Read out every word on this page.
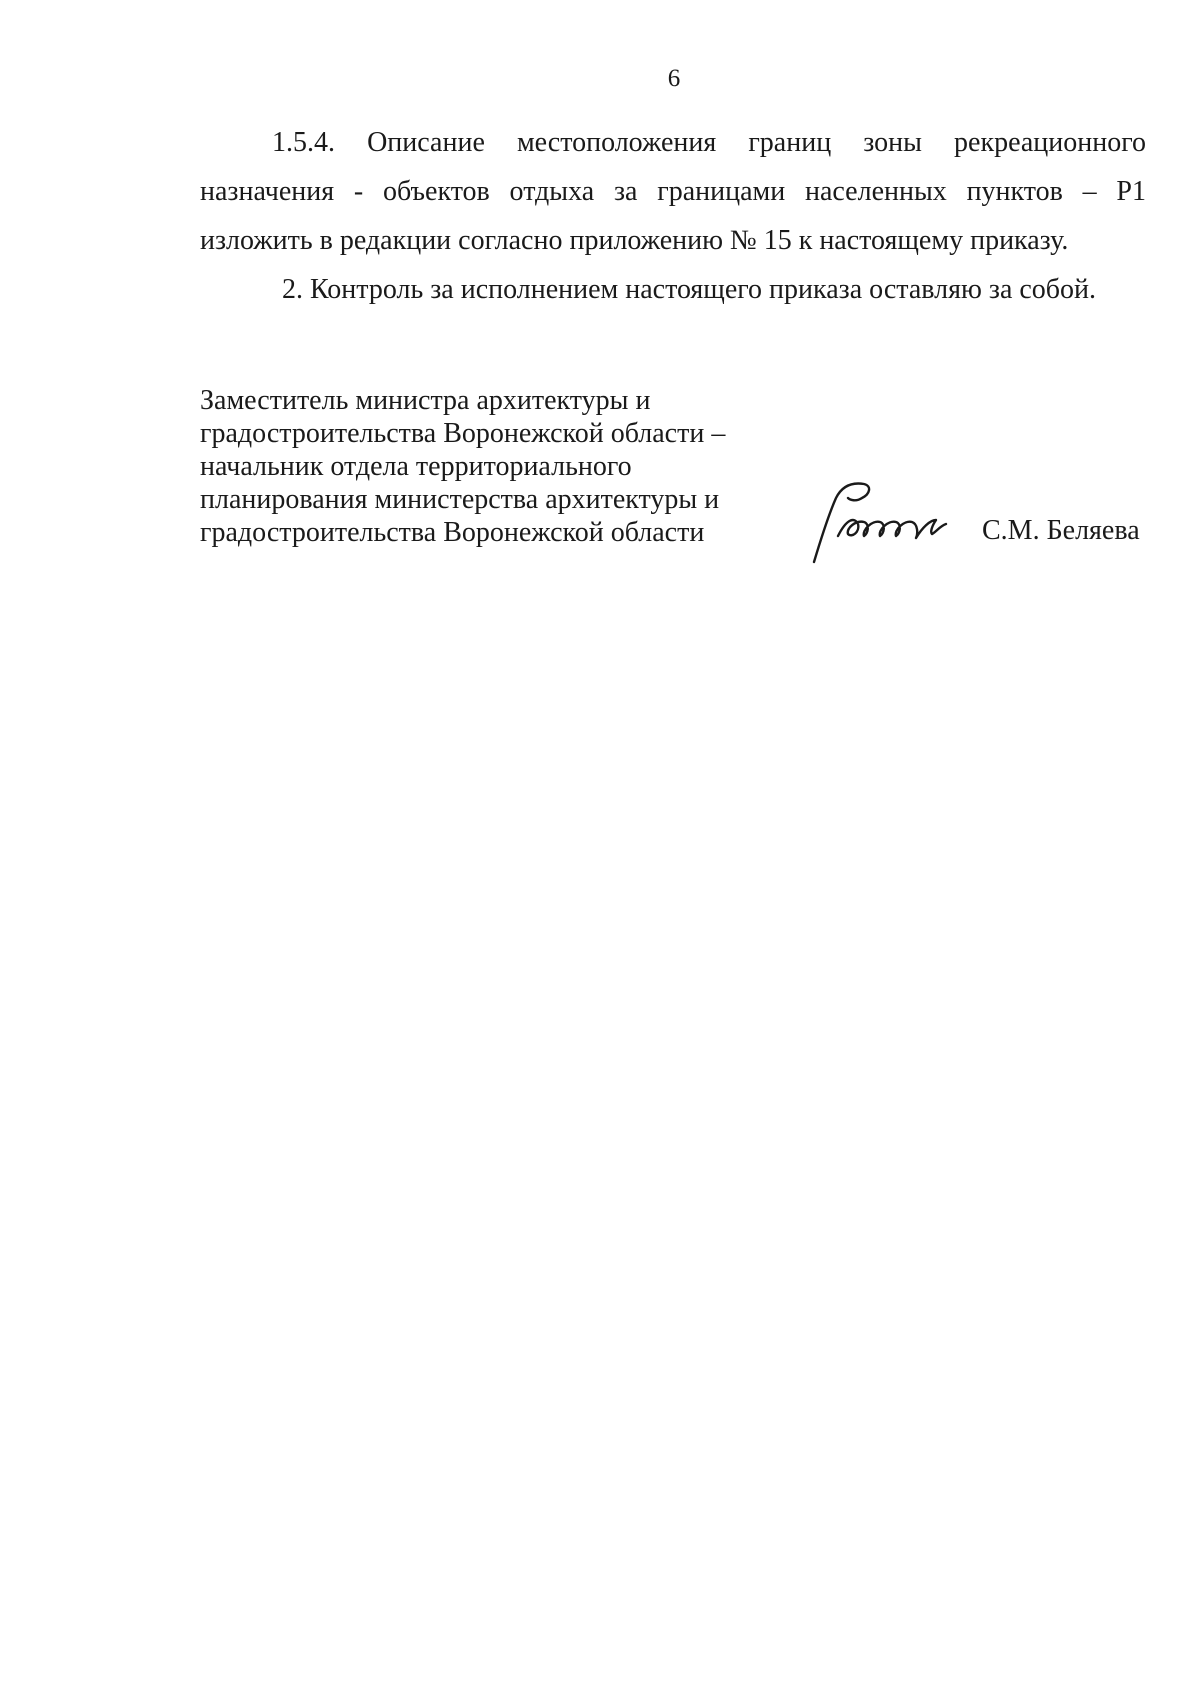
6

1.5.4. Описание местоположения границ зоны рекреационного назначения - объектов отдыха за границами населенных пунктов – Р1 изложить в редакции согласно приложению № 15 к настоящему приказу.

2. Контроль за исполнением настоящего приказа оставляю за собой.

Заместитель министра архитектуры и
градостроительства Воронежской области –
начальник отдела территориального
планирования министерства архитектуры и
градостроительства Воронежской области	С.М. Беляева
